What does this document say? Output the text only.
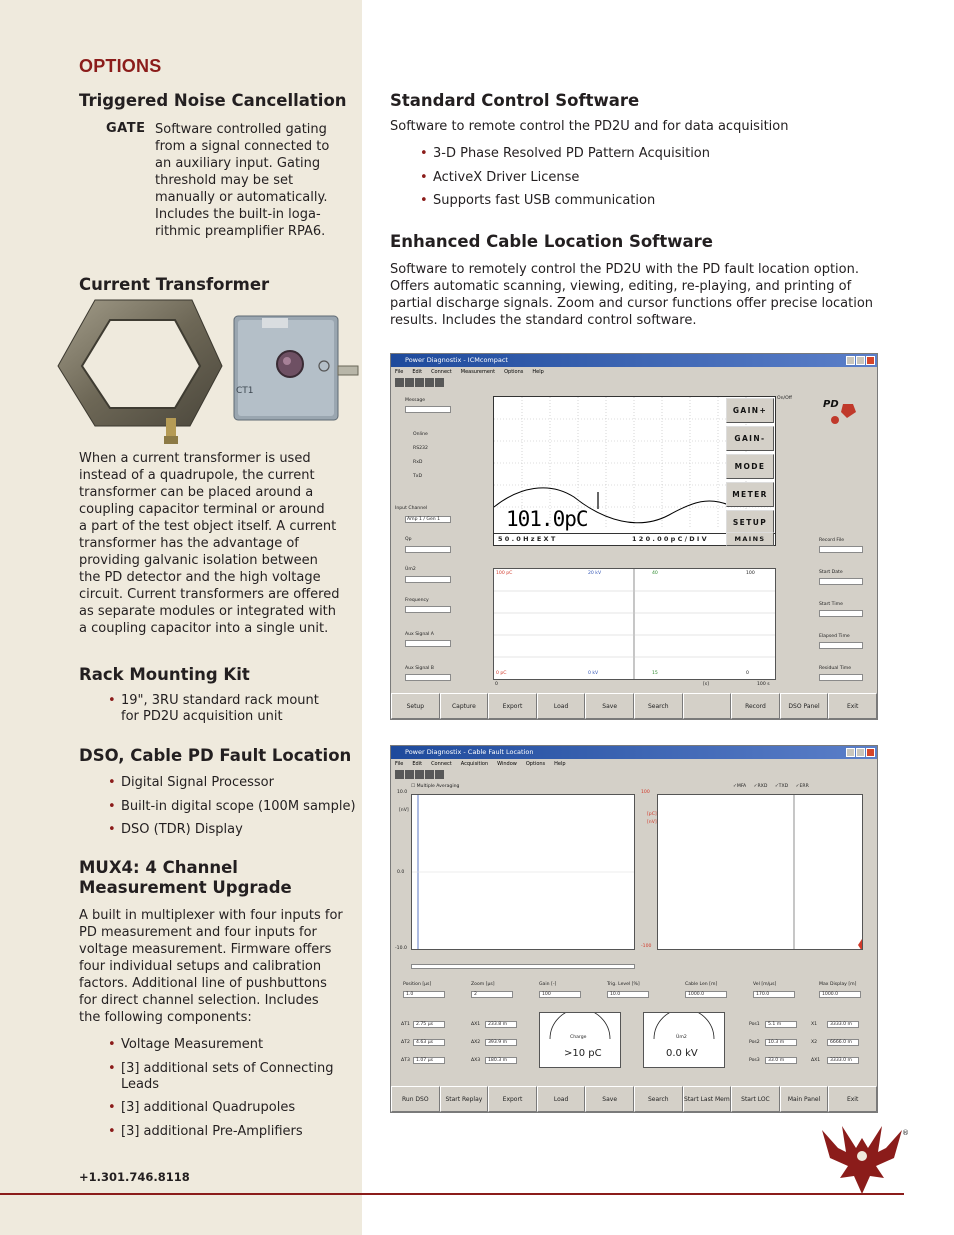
OPTIONS
Triggered Noise Cancellation
GATE Software controlled gating
from a signal connected to
an auxiliary input. Gating
threshold may be set
manually or automatically.
Includes the built-in loga-
rithmic preamplifier RPA6.
Current Transformer
CT1
When a current transformer is used
instead of a quadrupole, the current
transformer can be placed around a
coupling capacitor terminal or around
a part of the test object itself. A current
transformer has the advantage of
providing galvanic isolation between
the PD detector and the high voltage
circuit. Current transformers are offered
as separate modules or integrated with
a coupling capacitor into a single unit.
Rack Mounting Kit
• 19", 3RU standard rack mount
for PD2U acquisition unit
DSO, Cable PD Fault Location
• Digital Signal Processor
• Built-in digital scope (100M sample)
• DSO (TDR) Display
MUX4: 4 Channel
Measurement Upgrade
A built in multiplexer with four inputs for
PD measurement and four inputs for
voltage measurement. Firmware offers
four individual setups and calibration
factors. Additional line of pushbuttons
for direct channel selection. Includes
the following components:
• Voltage Measurement
• [3] additional sets of Connecting
Leads
• [3] additional Quadrupoles
• [3] additional Pre-Amplifiers
+1.301.746.8118
®
Standard Control Software
Software to remote control the PD2U and for data acquisition
• 3-D Phase Resolved PD Pattern Acquisition
• ActiveX Driver License
• Supports fast USB communication
Enhanced Cable Location Software
Software to remotely control the PD2U with the PD fault location option.
Offers automatic scanning, viewing, editing, re-playing, and printing of
partial discharge signals. Zoom and cursor functions offer precise location
results. Includes the standard control software.
Power Diagnostix - ICMcompact
File Edit Connect Measurement Options Help
Message
Online
RS232
RxD
TxD
Input Channel
Amp 1 / Gen 1
Qp
Ûm2
Frequency
Aux Signal A
Aux Signal B
101.0pC
5 0 . 0 H z E X T	1 2 0 . 0 0 p C / D I V
GAIN+
GAIN-
MODE
METER
SETUP
MAINS
On/Off
PD
Record File
Start Date
Start Time
Elapsed Time
Residual Time
100 pC
0 pC
20 kV
0 kV
40
15
100
0
0	[s]	100 s
Setup	Capture	Export	Load	Save	Search	Record	DSO Panel	Exit
Power Diagnostix - Cable Fault Location
File Edit Connect Acquisition Window Options Help
☐ Multiple Averaging	✓MFA ✓RXD ✓TXD ✓ERR
10.0
[nV]
0.0
-10.0
100
[pC]
[nV]
-100
Position [µs]
1.0
Zoom [µs]
2
Gain [-]
100
Trig. Level [%]
10.0
Cable Len [m]
1000.0
Vel [m/µs]
170.0
Max Display [m]
1000.0
Charge
>10 pC
Ûm2
0.0 kV
ΔT1	2.75 µs
ΔT2	4.63 µs
ΔT3	1.07 µs
ΔX1	233.8 m
ΔX2	393.9 m
ΔX3	180.3 m
Pos1	5.1 m
Pos2	10.3 m
Pos3	33.0 m
X1	3333.0 m
X2	6666.0 m
ΔX1	3333.0 m
Run DSO	Start Replay	Export	Load	Save	Search	Start Last Mem	Start LOC	Main Panel	Exit
